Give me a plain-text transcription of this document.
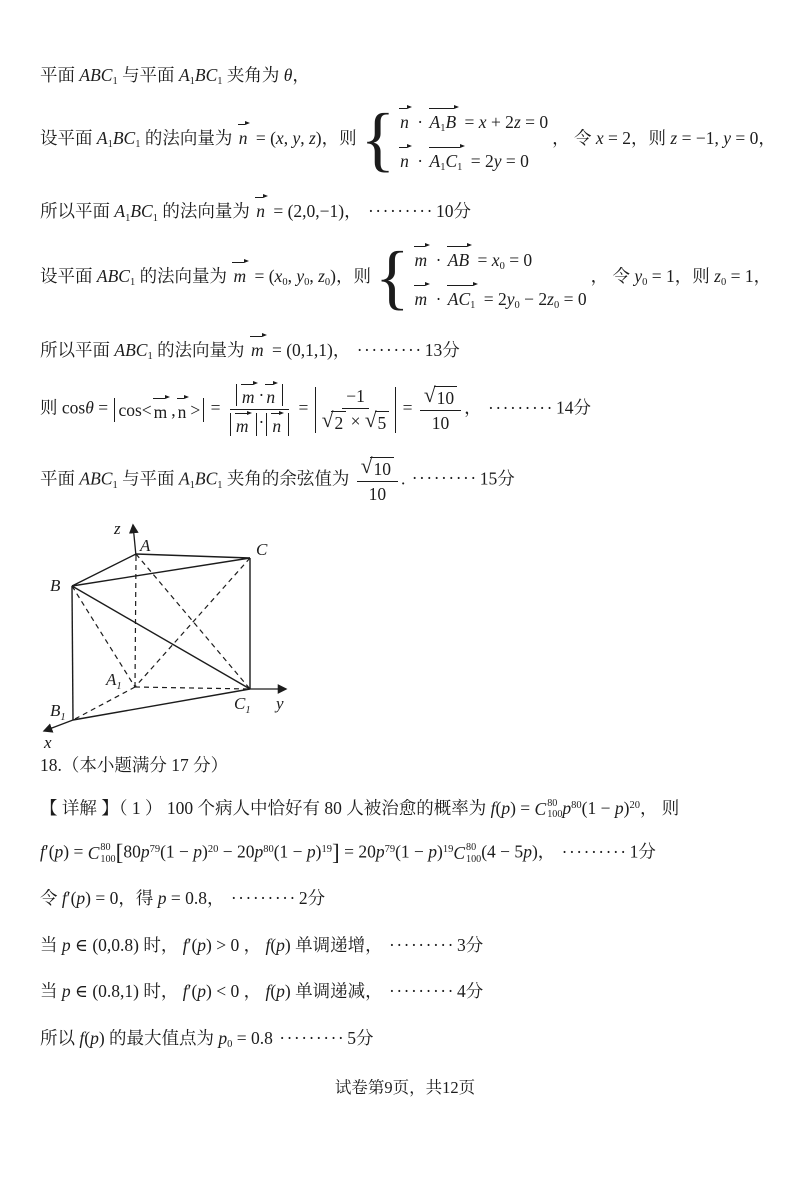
平面 ABC1 与平面 A1BC1 夹角为 θ，
设平面 A1BC1 的法向量为 n = (x, y, z)，则 { n · A1B = x + 2z = 0
n · A1C1 = 2y = 0
， 令 x = 2，则 z = −1, y = 0，
所以平面 A1BC1 的法向量为 n = (2,0,−1)， ········· 10分
设平面 ABC1 的法向量为 m = (x0, y0, z0)，则 { m · AB = x0 = 0
m · AC1 = 2y0 − 2z0 = 0
， 令 y0 = 1，则 z0 = 1，
所以平面 ABC1 的法向量为 m = (0,1,1)， ········· 13分
则 cosθ = cos< m , n > = $\frac{m \cdot n}{m \cdot n}$ =
−1
√ 2 × √ 5
= $\frac{√ 10}{10}$ ， ········· 14分
平面 ABC1 与平面 A1BC1 夹角的余弦值为 $\frac{√ 10}{10}$ . ········· 15分
z
A	C
B
$A_1$
$C_1$
$B_1$
y
x
18.（本小题满分 17 分）
【 详解 】（ 1 ） 100 个病人中恰好有 80 人被治愈的概率为 f(p) = C 80
100 $p^{80}(1 - p)^{20}$， 则
f′(p) = C 80
100 $[80p^{79}(1 - p)^{20} - 20p^{80}(1 - p)^{19}] = 20p^{79}(1 - p)^{19}$ C 80
100 (4 − 5p)， ········· 1分
令 f′(p) = 0，得 p = 0.8， ········· 2分
当 p ∈ (0,0.8) 时， f′(p) > 0 ， f(p) 单调递增， ········· 3分
当 p ∈ (0.8,1) 时， f′(p) < 0 ， f(p) 单调递减， ········· 4分
所以 f(p) 的最大值点为 p0 = 0.8 ········· 5分
试卷第9页，共12页
